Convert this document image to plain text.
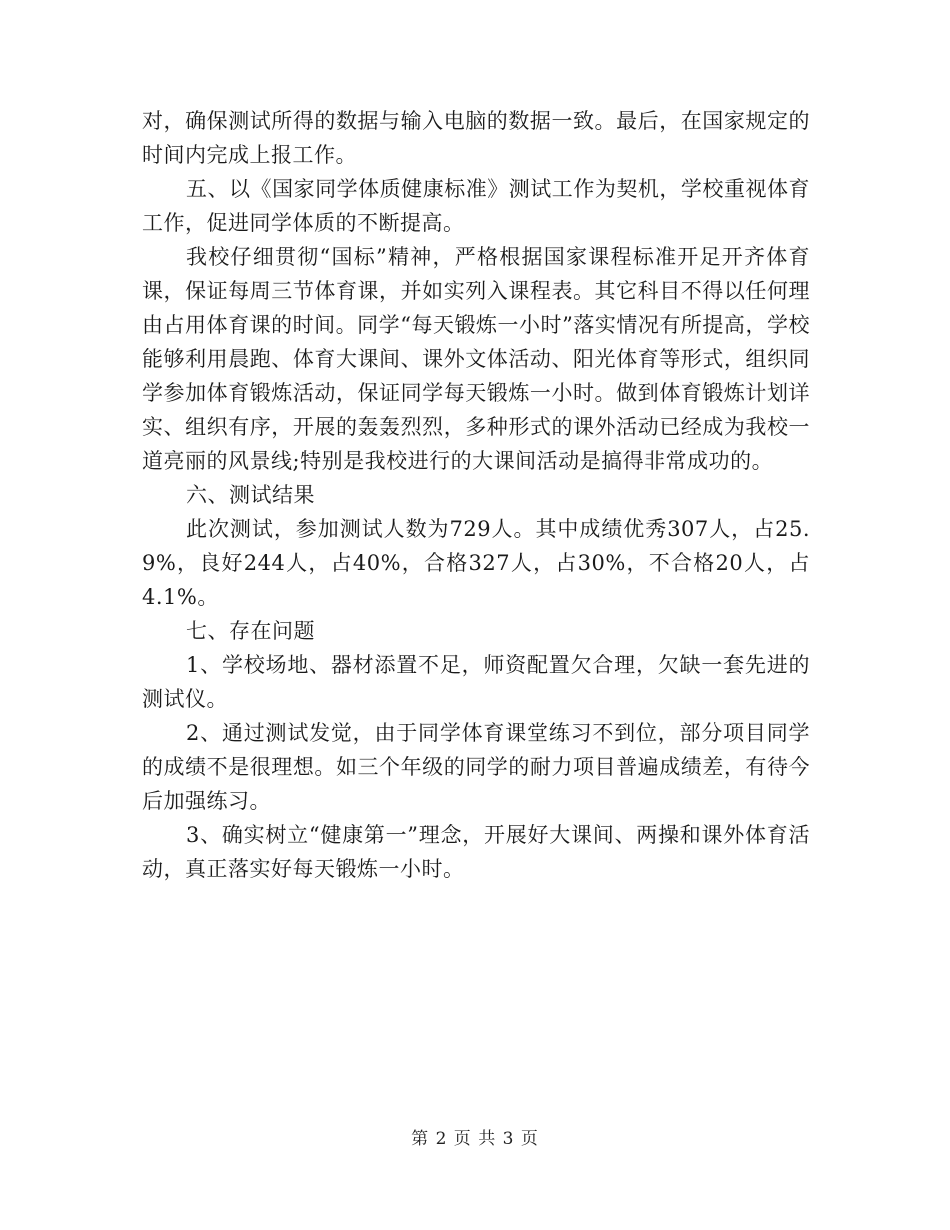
对，确保测试所得的数据与输入电脑的数据一致。最后，在国家规定的时间内完成上报工作。

五、以《国家同学体质健康标准》测试工作为契机，学校重视体育工作，促进同学体质的不断提高。

我校仔细贯彻“国标”精神，严格根据国家课程标准开足开齐体育课，保证每周三节体育课，并如实列入课程表。其它科目不得以任何理由占用体育课的时间。同学“每天锻炼一小时”落实情况有所提高，学校能够利用晨跑、体育大课间、课外文体活动、阳光体育等形式，组织同学参加体育锻炼活动，保证同学每天锻炼一小时。做到体育锻炼计划详实、组织有序，开展的轰轰烈烈，多种形式的课外活动已经成为我校一道亮丽的风景线;特别是我校进行的大课间活动是搞得非常成功的。

六、测试结果

此次测试，参加测试人数为729人。其中成绩优秀307人，占25.9%，良好244人，占40%，合格327人，占30%，不合格20人，占4.1%。

七、存在问题

1、学校场地、器材添置不足，师资配置欠合理，欠缺一套先进的测试仪。

2、通过测试发觉，由于同学体育课堂练习不到位，部分项目同学的成绩不是很理想。如三个年级的同学的耐力项目普遍成绩差，有待今后加强练习。

3、确实树立“健康第一”理念，开展好大课间、两操和课外体育活动，真正落实好每天锻炼一小时。

第 2 页 共 3 页
